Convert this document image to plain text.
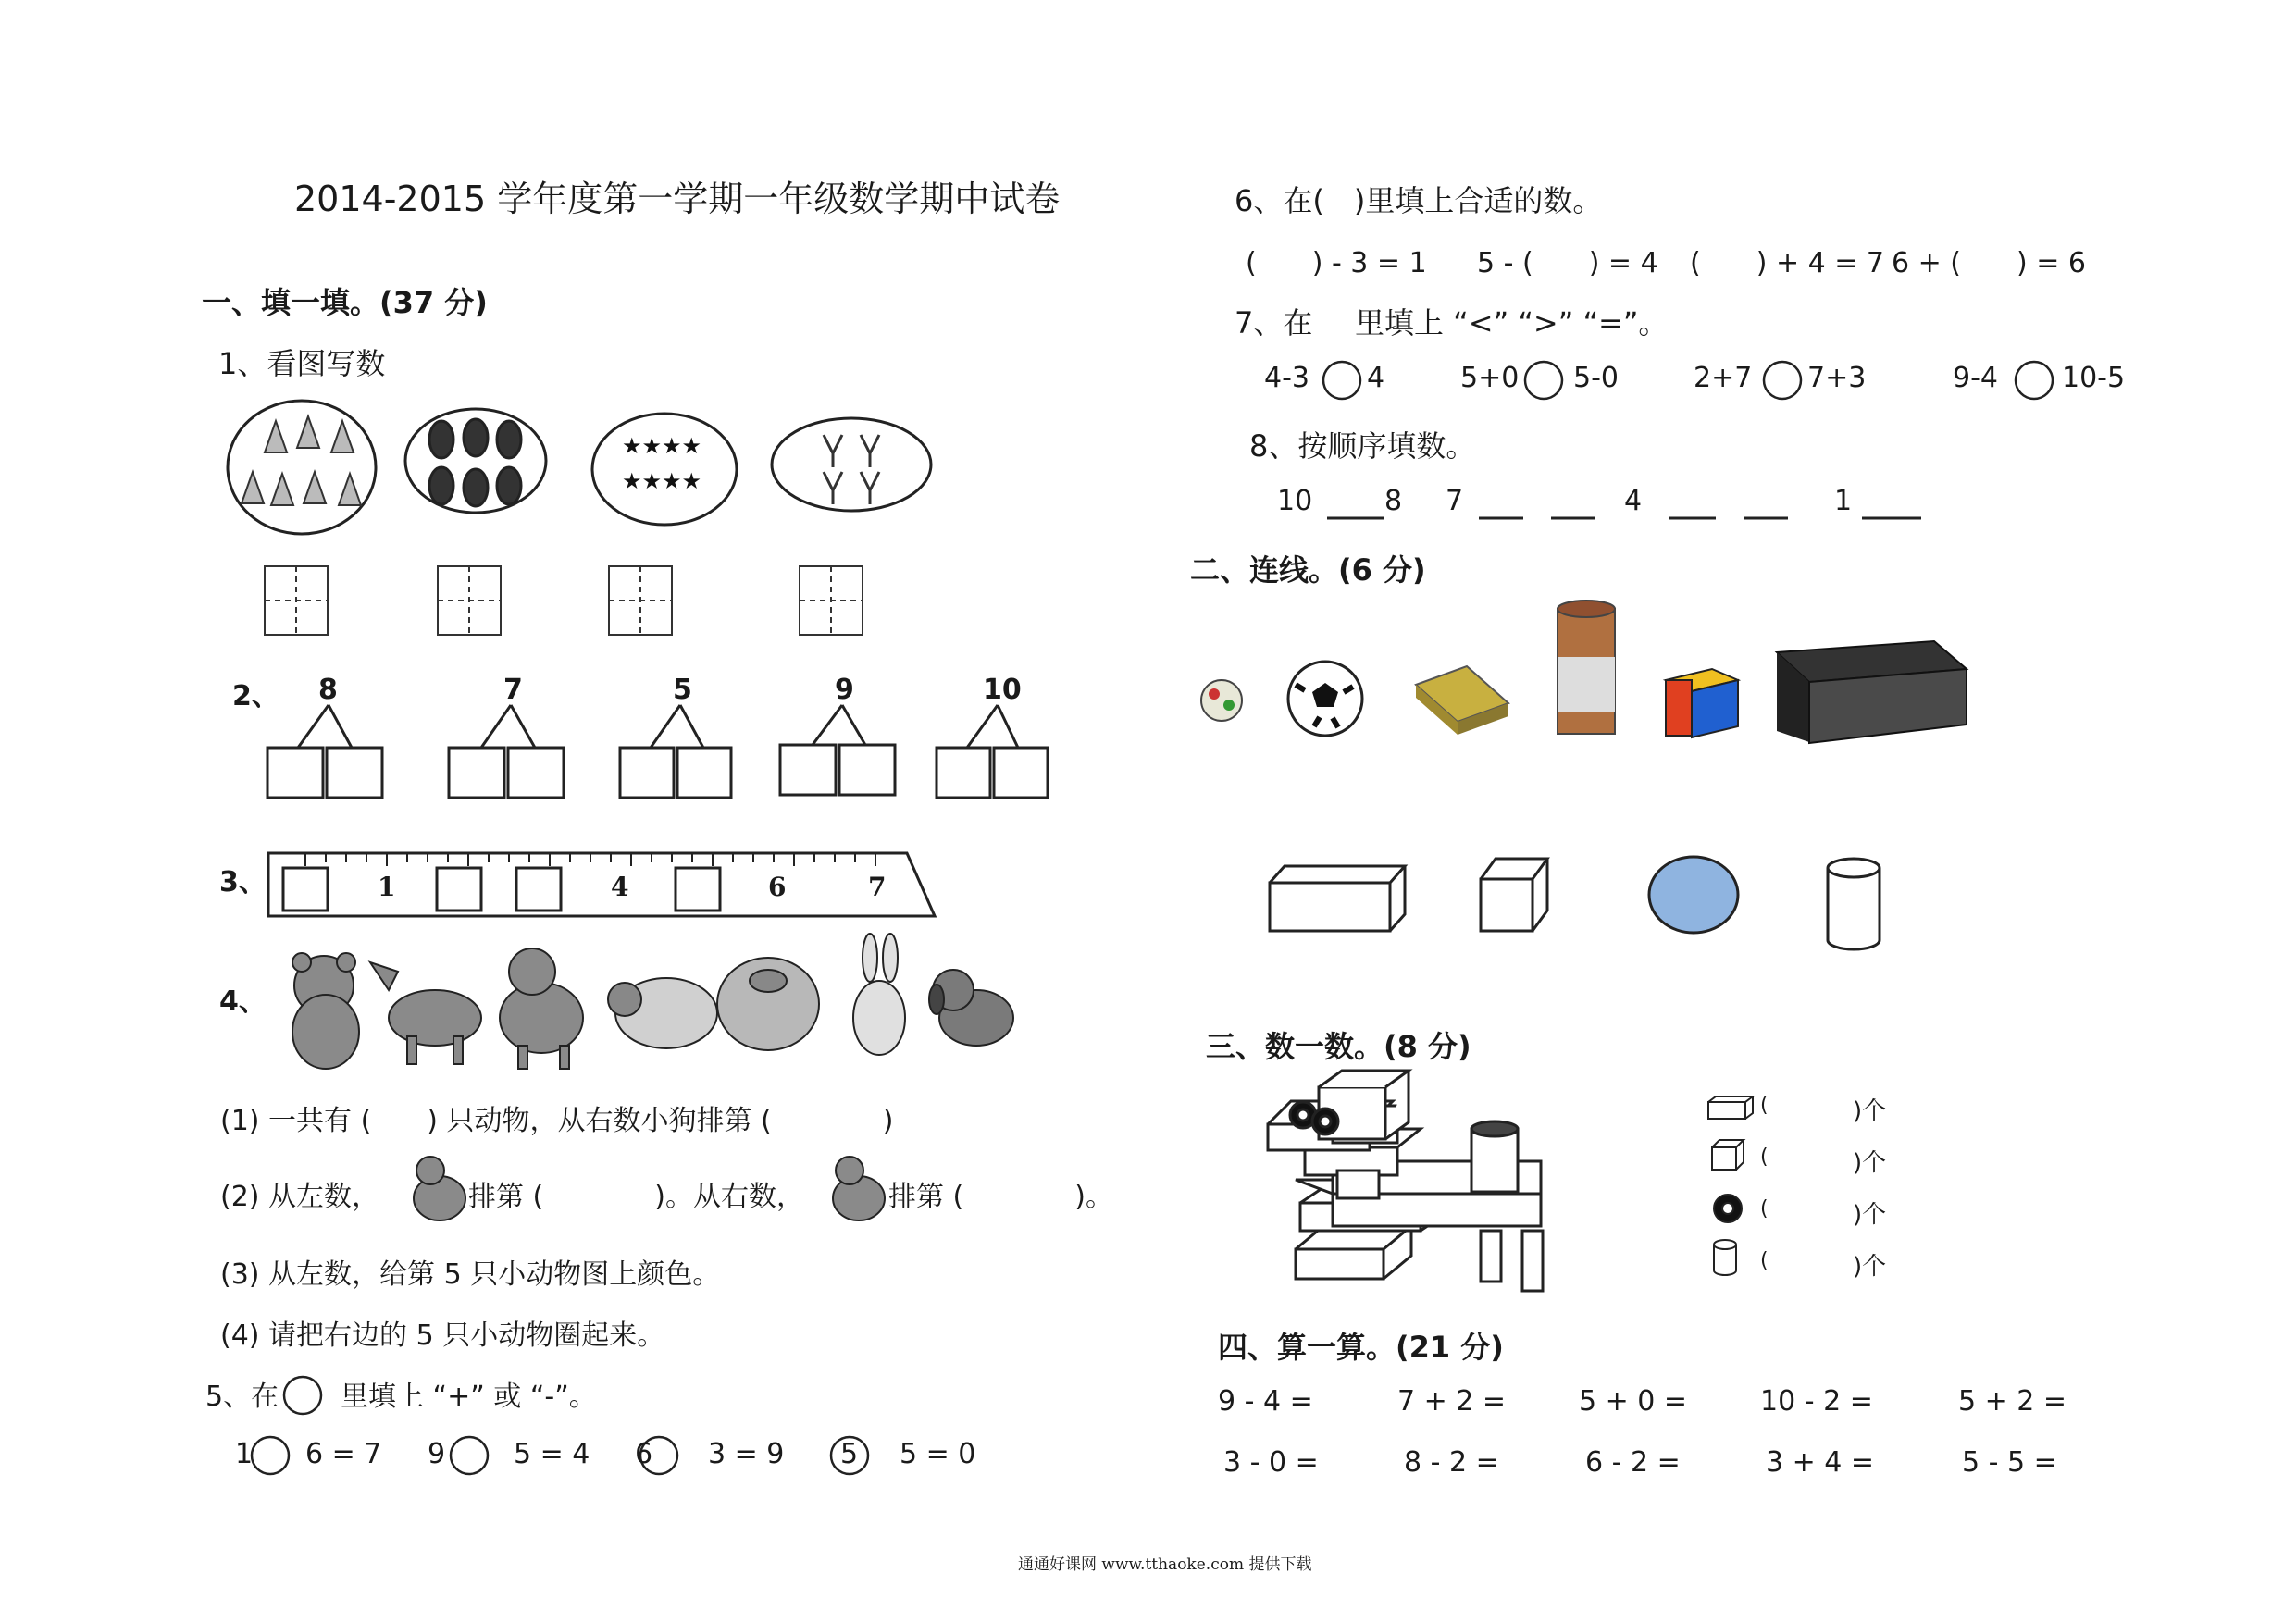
2014-2015 学年度第一学期一年级数学期中试卷
一、填一填。(37 分)
1、看图写数
★★★★
★★★★
2、 8	7	5	9	10
3、	1	4	6	7
4、
(1) 一共有 (　　) 只动物，从右数小狗排第 (　　　　)
(2) 从左数，	排第 (　　　　)。从右数，	排第 (　　　　)。
(3) 从左数，给第 5 只小动物图上颜色。
(4) 请把右边的 5 只小动物圈起来。
5、在 里填上 “+” 或 “-”。
1 6 = 7 9 5 = 4 6 3 = 9 5 5 = 0
6、在(　)里填上合适的数。
(　　) - 3 = 1 5 - (　　) = 4 (　　) + 4 = 7 6 + (　　) = 6
7、在 里填上 “<” “>” “=”。
4-3 4	5+0 5-0	2+7 7+3	9-4 10-5
8、按顺序填数。
10	8 7	4	1
二、连线。(6 分)
三、数一数。(8 分)
(	)个
(	)个
(	)个
(	)个
四、算一算。(21 分)
9 - 4 =	7 + 2 =	5 + 0 =	10 - 2 =	5 + 2 =
3 - 0 =	8 - 2 =	6 - 2 =	3 + 4 =	5 - 5 =
通通好课网 www.tthaoke.com 提供下载
